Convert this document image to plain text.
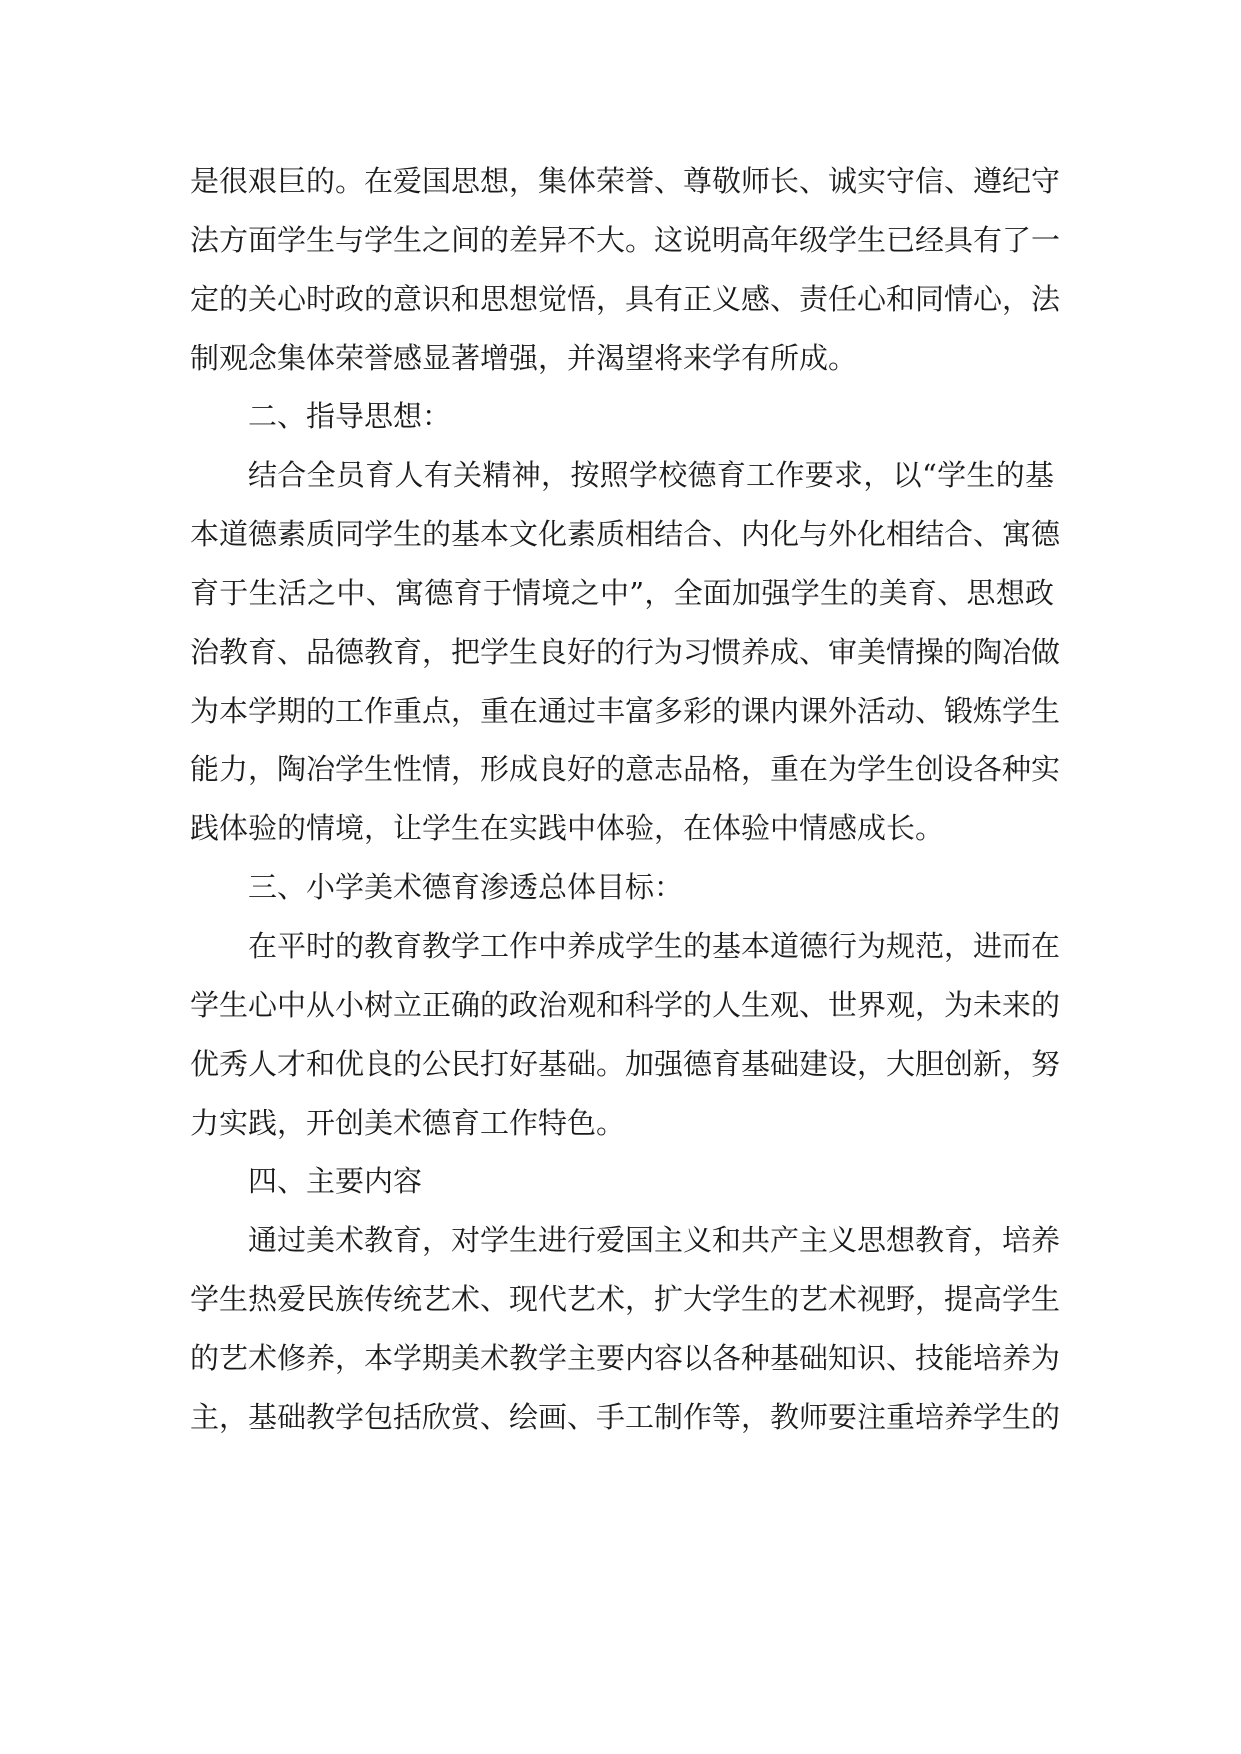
是很艰巨的。在爱国思想，集体荣誉、尊敬师长、诚实守信、遵纪守
法方面学生与学生之间的差异不大。这说明高年级学生已经具有了一
定的关心时政的意识和思想觉悟，具有正义感、责任心和同情心，法
制观念集体荣誉感显著增强，并渴望将来学有所成。
二、指导思想：
结合全员育人有关精神，按照学校德育工作要求，以“学生的基
本道德素质同学生的基本文化素质相结合、内化与外化相结合、寓德
育于生活之中、寓德育于情境之中”，全面加强学生的美育、思想政
治教育、品德教育，把学生良好的行为习惯养成、审美情操的陶冶做
为本学期的工作重点，重在通过丰富多彩的课内课外活动、锻炼学生
能力，陶冶学生性情，形成良好的意志品格，重在为学生创设各种实
践体验的情境，让学生在实践中体验，在体验中情感成长。
三、小学美术德育渗透总体目标：
在平时的教育教学工作中养成学生的基本道德行为规范，进而在
学生心中从小树立正确的政治观和科学的人生观、世界观，为未来的
优秀人才和优良的公民打好基础。加强德育基础建设，大胆创新，努
力实践，开创美术德育工作特色。
四、主要内容
通过美术教育，对学生进行爱国主义和共产主义思想教育，培养
学生热爱民族传统艺术、现代艺术，扩大学生的艺术视野，提高学生
的艺术修养，本学期美术教学主要内容以各种基础知识、技能培养为
主，基础教学包括欣赏、绘画、手工制作等，教师要注重培养学生的
